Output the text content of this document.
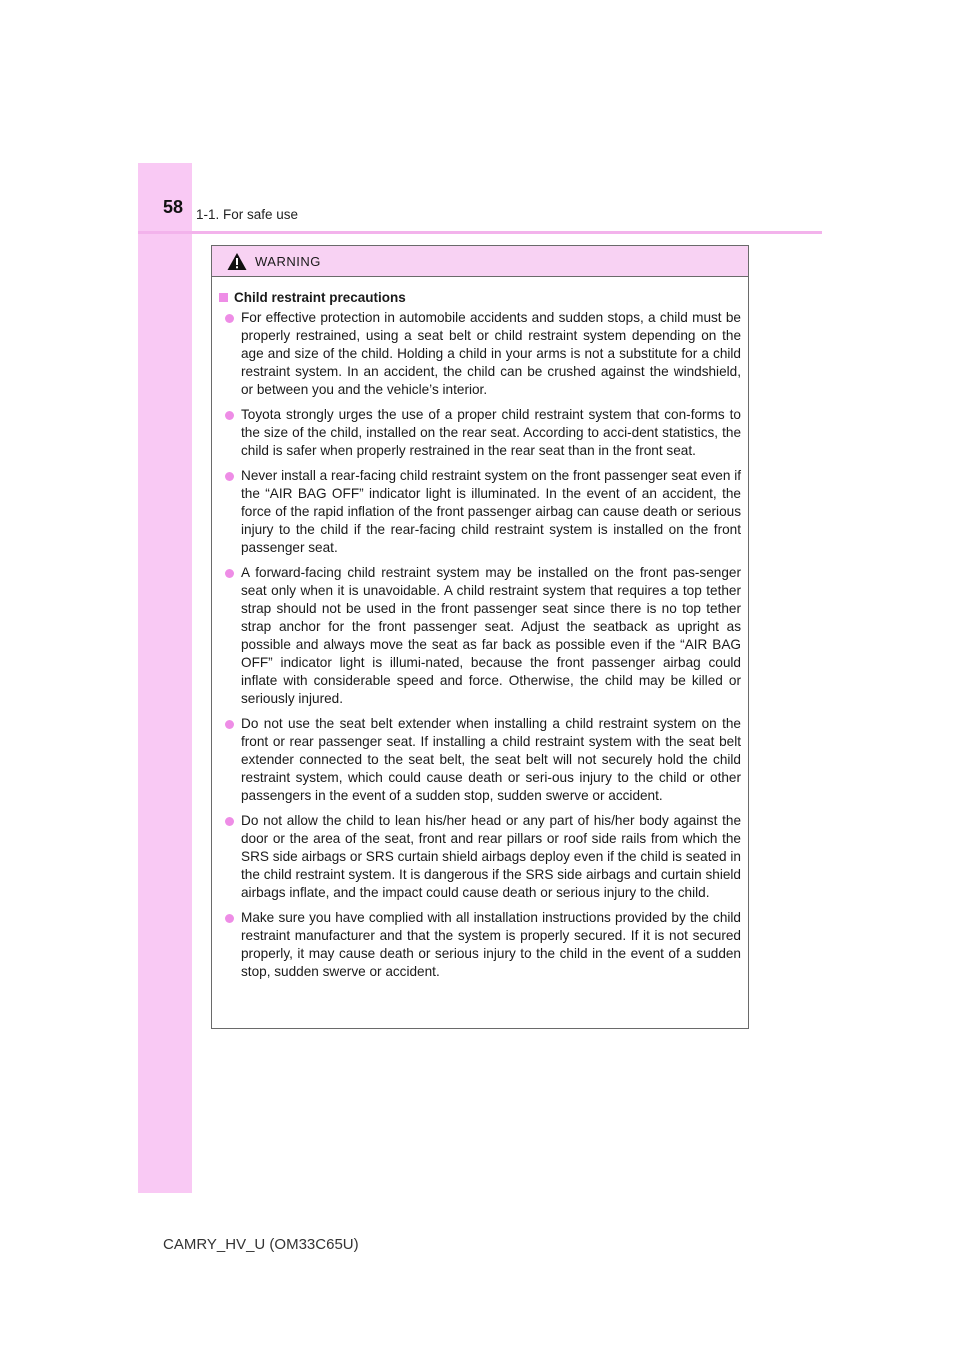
58 1-1. For safe use
WARNING
Child restraint precautions
For effective protection in automobile accidents and sudden stops, a child must be properly restrained, using a seat belt or child restraint system depending on the age and size of the child. Holding a child in your arms is not a substitute for a child restraint system. In an accident, the child can be crushed against the windshield, or between you and the vehicle’s interior.
Toyota strongly urges the use of a proper child restraint system that con-forms to the size of the child, installed on the rear seat. According to acci-dent statistics, the child is safer when properly restrained in the rear seat than in the front seat.
Never install a rear-facing child restraint system on the front passenger seat even if the “AIR BAG OFF” indicator light is illuminated. In the event of an accident, the force of the rapid inflation of the front passenger airbag can cause death or serious injury to the child if the rear-facing child restraint system is installed on the front passenger seat.
A forward-facing child restraint system may be installed on the front pas-senger seat only when it is unavoidable. A child restraint system that requires a top tether strap should not be used in the front passenger seat since there is no top tether strap anchor for the front passenger seat. Adjust the seatback as upright as possible and always move the seat as far back as possible even if the “AIR BAG OFF” indicator light is illumi-nated, because the front passenger airbag could inflate with considerable speed and force. Otherwise, the child may be killed or seriously injured.
Do not use the seat belt extender when installing a child restraint system on the front or rear passenger seat. If installing a child restraint system with the seat belt extender connected to the seat belt, the seat belt will not securely hold the child restraint system, which could cause death or seri-ous injury to the child or other passengers in the event of a sudden stop, sudden swerve or accident.
Do not allow the child to lean his/her head or any part of his/her body against the door or the area of the seat, front and rear pillars or roof side rails from which the SRS side airbags or SRS curtain shield airbags deploy even if the child is seated in the child restraint system. It is dangerous if the SRS side airbags and curtain shield airbags inflate, and the impact could cause death or serious injury to the child.
Make sure you have complied with all installation instructions provided by the child restraint manufacturer and that the system is properly secured. If it is not secured properly, it may cause death or serious injury to the child in the event of a sudden stop, sudden swerve or accident.
CAMRY_HV_U (OM33C65U)
